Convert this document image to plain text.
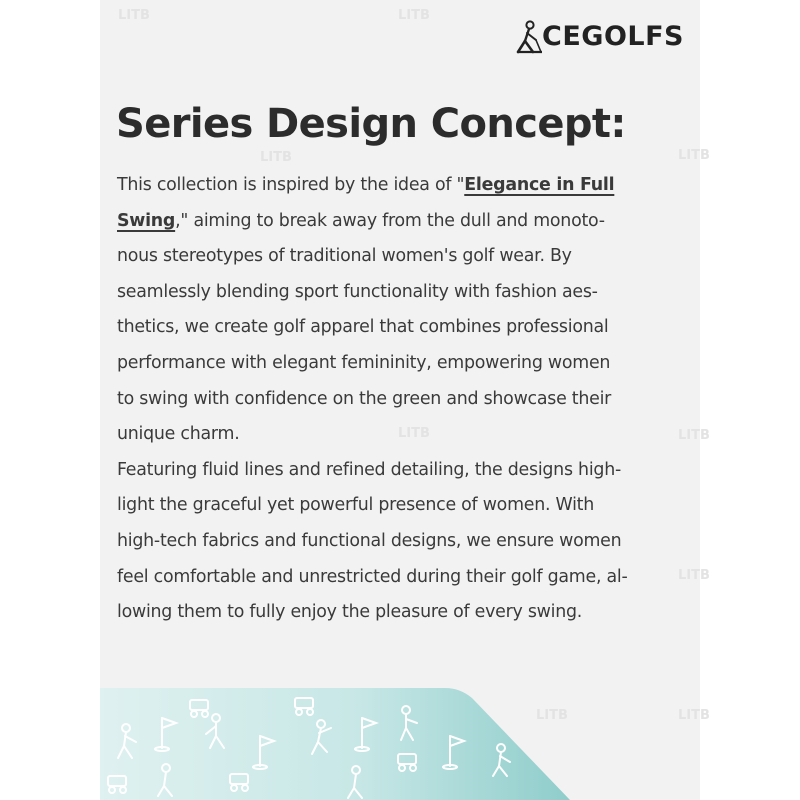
LITB	LITB
LITB	LITB
LITB	LITB
LITB
LITB	LITB
CEGOLFS
Series Design Concept:
This collection is inspired by the idea of "Elegance in Full
Swing," aiming to break away from the dull and monoto-
nous stereotypes of traditional women's golf wear. By
seamlessly blending sport functionality with fashion aes-
thetics, we create golf apparel that combines professional
performance with elegant femininity, empowering women
to swing with confidence on the green and showcase their
unique charm.
Featuring fluid lines and refined detailing, the designs high-
light the graceful yet powerful presence of women. With
high-tech fabrics and functional designs, we ensure women
feel comfortable and unrestricted during their golf game, al-
lowing them to fully enjoy the pleasure of every swing.
